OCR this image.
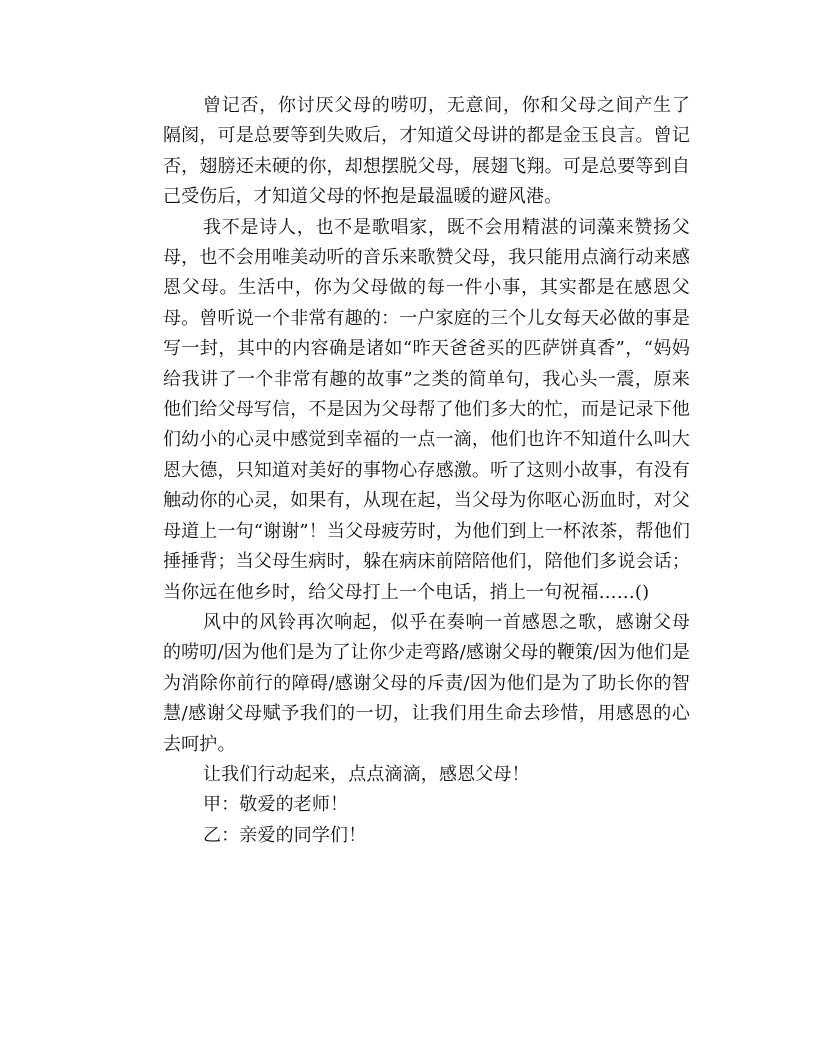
曾记否，你讨厌父母的唠叨，无意间，你和父母之间产生了隔阂，可是总要等到失败后，才知道父母讲的都是金玉良言。曾记否，翅膀还未硬的你，却想摆脱父母，展翅飞翔。可是总要等到自己受伤后，才知道父母的怀抱是最温暖的避风港。

我不是诗人，也不是歌唱家，既不会用精湛的词藻来赞扬父母，也不会用唯美动听的音乐来歌赞父母，我只能用点滴行动来感恩父母。生活中，你为父母做的每一件小事，其实都是在感恩父母。曾听说一个非常有趣的：一户家庭的三个儿女每天必做的事是写一封，其中的内容确是诸如“昨天爸爸买的匹萨饼真香”，“妈妈给我讲了一个非常有趣的故事”之类的简单句，我心头一震，原来他们给父母写信，不是因为父母帮了他们多大的忙，而是记录下他们幼小的心灵中感觉到幸福的一点一滴，他们也许不知道什么叫大恩大德，只知道对美好的事物心存感激。听了这则小故事，有没有触动你的心灵，如果有，从现在起，当父母为你呕心沥血时，对父母道上一句“谢谢”！当父母疲劳时，为他们到上一杯浓茶，帮他们捶捶背；当父母生病时，躲在病床前陪陪他们，陪他们多说会话；当你远在他乡时，给父母打上一个电话，捎上一句祝福……()

风中的风铃再次响起，似乎在奏响一首感恩之歌，感谢父母的唠叨/因为他们是为了让你少走弯路/感谢父母的鞭策/因为他们是为消除你前行的障碍/感谢父母的斥责/因为他们是为了助长你的智慧/感谢父母赋予我们的一切，让我们用生命去珍惜，用感恩的心去呵护。

让我们行动起来，点点滴滴，感恩父母！

甲：敬爱的老师！

乙：亲爱的同学们！
